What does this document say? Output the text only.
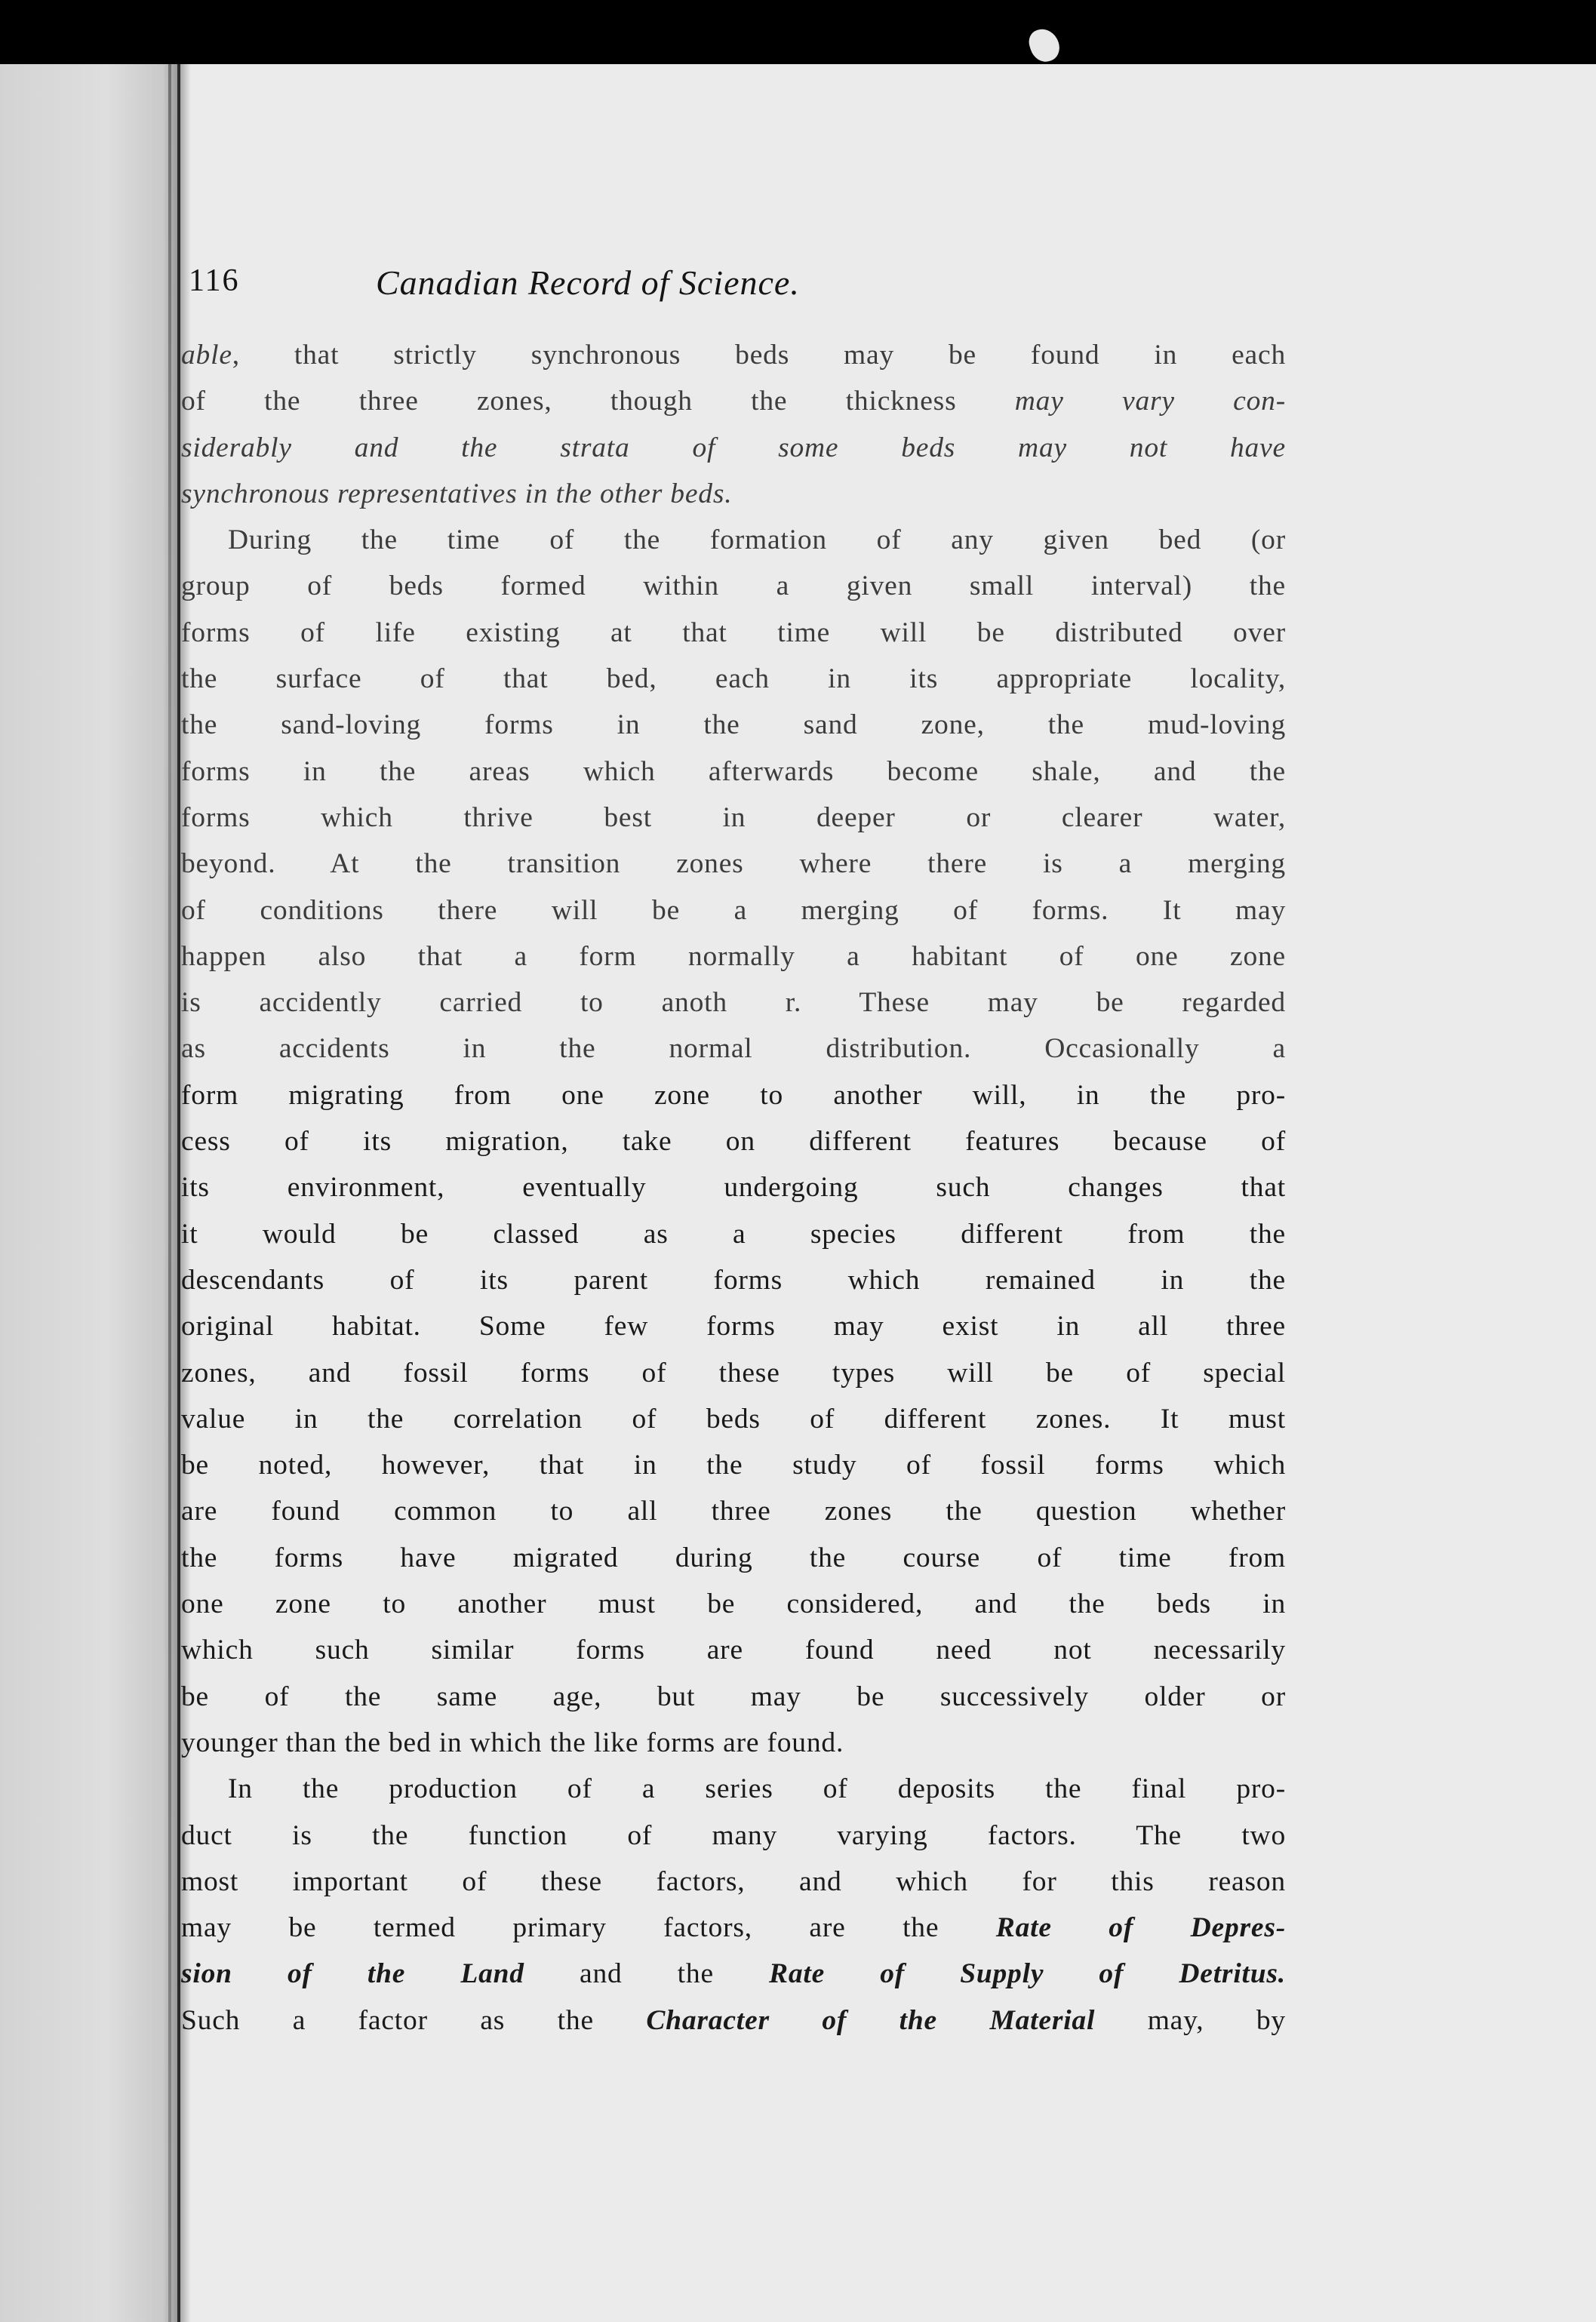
116	Canadian Record of Science.
able, that strictly synchronous beds may be found in each
of the three zones, though the thickness may vary con-
siderably and the strata of some beds may not have
synchronous representatives in the other beds.
During the time of the formation of any given bed (or
group of beds formed within a given small interval) the
forms of life existing at that time will be distributed over
the surface of that bed, each in its appropriate locality,
the sand-loving forms in the sand zone, the mud-loving
forms in the areas which afterwards become shale, and the
forms which thrive best in deeper or clearer water,
beyond. At the transition zones where there is a merging
of conditions there will be a merging of forms. It may
happen also that a form normally a habitant of one zone
is accidently carried to anoth r. These may be regarded
as accidents in the normal distribution. Occasionally a
form migrating from one zone to another will, in the pro-
cess of its migration, take on different features because of
its environment, eventually undergoing such changes that
it would be classed as a species different from the
descendants of its parent forms which remained in the
original habitat. Some few forms may exist in all three
zones, and fossil forms of these types will be of special
value in the correlation of beds of different zones. It must
be noted, however, that in the study of fossil forms which
are found common to all three zones the question whether
the forms have migrated during the course of time from
one zone to another must be considered, and the beds in
which such similar forms are found need not necessarily
be of the same age, but may be successively older or
younger than the bed in which the like forms are found.
In the production of a series of deposits the final pro-
duct is the function of many varying factors. The two
most important of these factors, and which for this reason
may be termed primary factors, are the Rate of Depres-
sion of the Land and the Rate of Supply of Detritus.
Such a factor as the Character of the Material may, by
